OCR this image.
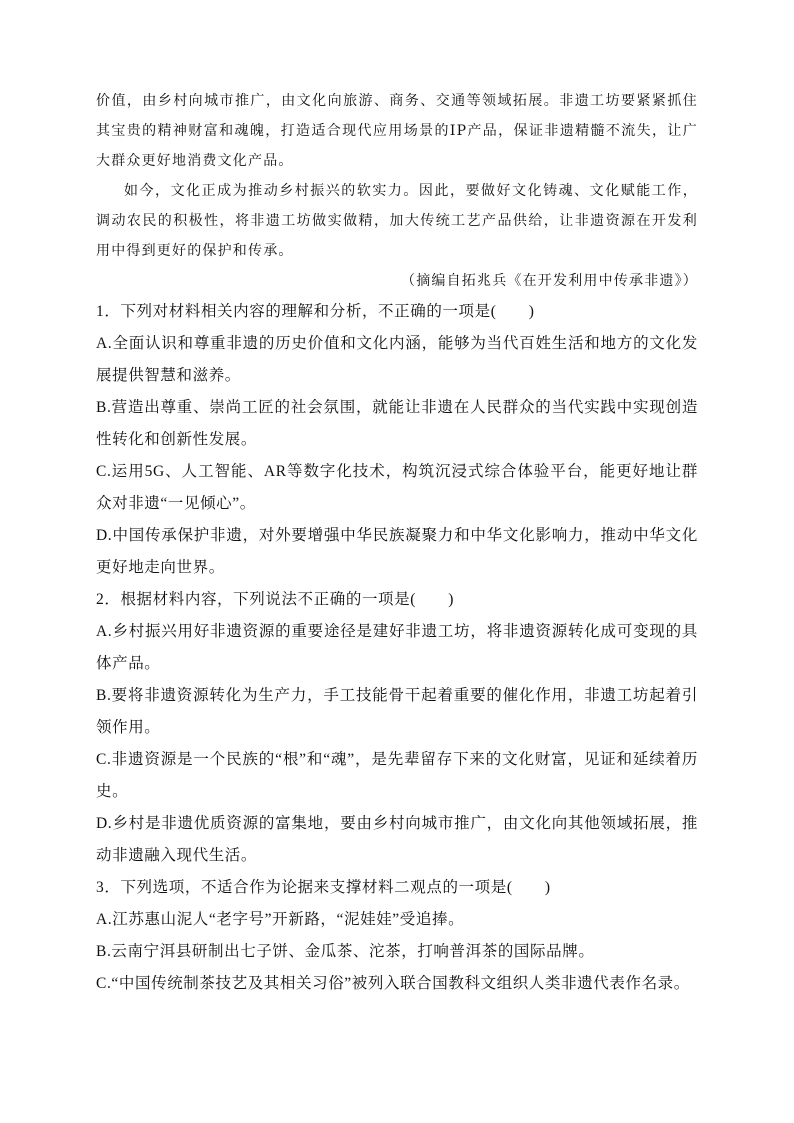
价值，由乡村向城市推广，由文化向旅游、商务、交通等领域拓展。非遗工坊要紧紧抓住其宝贵的精神财富和魂魄，打造适合现代应用场景的IP产品，保证非遗精髓不流失，让广大群众更好地消费文化产品。

如今，文化正成为推动乡村振兴的软实力。因此，要做好文化铸魂、文化赋能工作，调动农民的积极性，将非遗工坊做实做精，加大传统工艺产品供给，让非遗资源在开发利用中得到更好的保护和传承。

（摘编自拓兆兵《在开发利用中传承非遗》）

1．下列对材料相关内容的理解和分析，不正确的一项是(　　)

A.全面认识和尊重非遗的历史价值和文化内涵，能够为当代百姓生活和地方的文化发展提供智慧和滋养。

B.营造出尊重、崇尚工匠的社会氛围，就能让非遗在人民群众的当代实践中实现创造性转化和创新性发展。

C.运用5G、人工智能、AR等数字化技术，构筑沉浸式综合体验平台，能更好地让群众对非遗“一见倾心”。

D.中国传承保护非遗，对外要增强中华民族凝聚力和中华文化影响力，推动中华文化更好地走向世界。

2．根据材料内容，下列说法不正确的一项是(　　)

A.乡村振兴用好非遗资源的重要途径是建好非遗工坊，将非遗资源转化成可变现的具体产品。

B.要将非遗资源转化为生产力，手工技能骨干起着重要的催化作用，非遗工坊起着引领作用。

C.非遗资源是一个民族的“根”和“魂”，是先辈留存下来的文化财富，见证和延续着历史。

D.乡村是非遗优质资源的富集地，要由乡村向城市推广，由文化向其他领域拓展，推动非遗融入现代生活。

3．下列选项，不适合作为论据来支撑材料二观点的一项是(　　)

A.江苏惠山泥人“老字号”开新路，“泥娃娃”受追捧。

B.云南宁洱县研制出七子饼、金瓜茶、沱茶，打响普洱茶的国际品牌。

C.“中国传统制茶技艺及其相关习俗”被列入联合国教科文组织人类非遗代表作名录。
